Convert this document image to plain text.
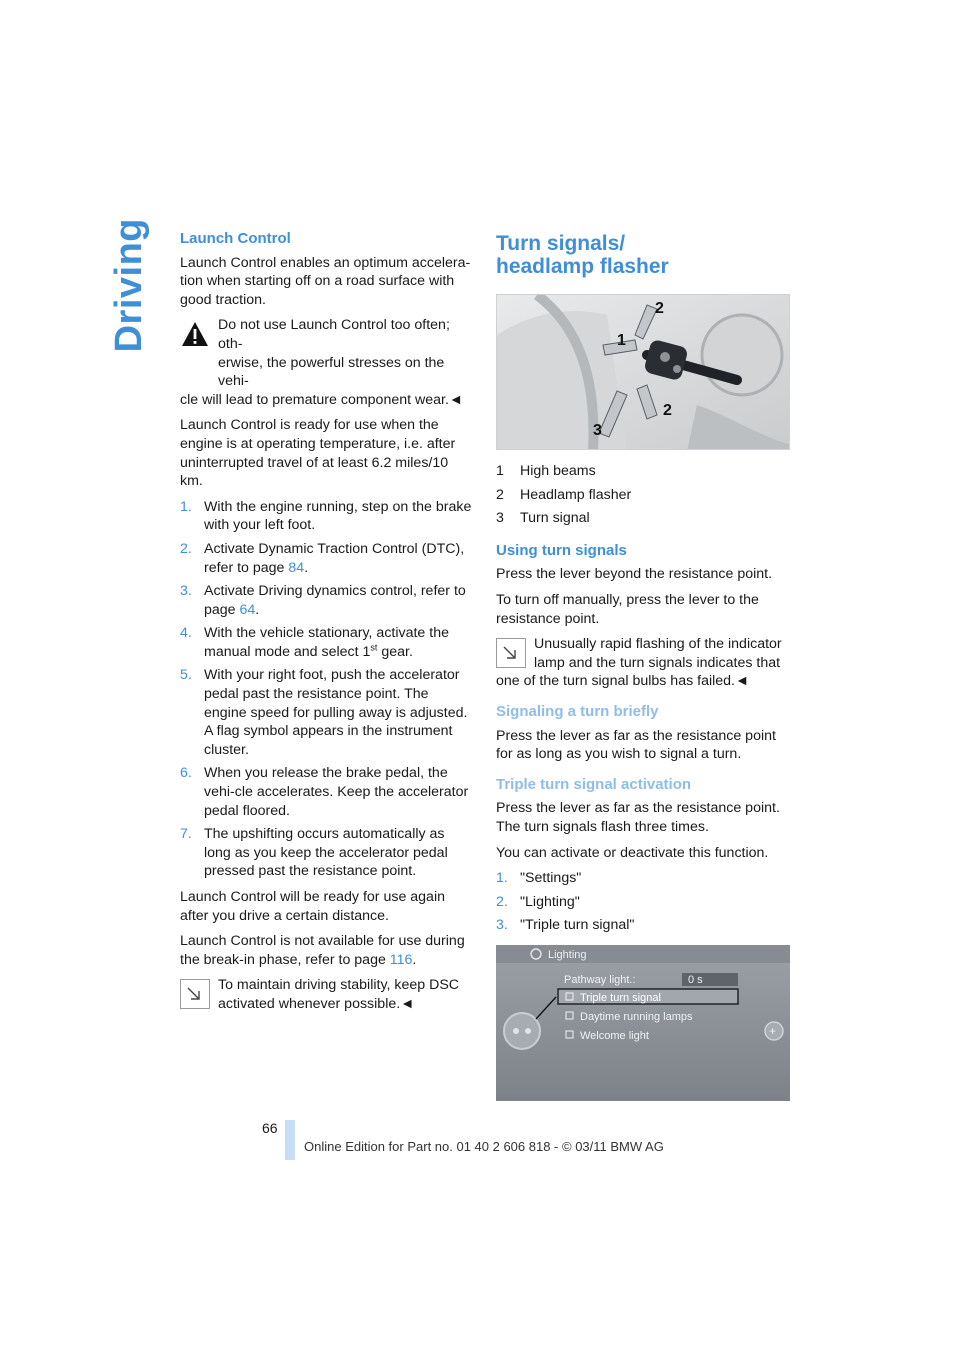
Driving Launch Control

Launch Control enables an optimum accelera-tion when starting off on a road surface with good traction.

Do not use Launch Control too often; oth-
erwise, the powerful stresses on the vehi-
cle will lead to premature component wear.◄

Launch Control is ready for use when the engine is at operating temperature, i.e. after uninterrupted travel of at least 6.2 miles/10 km.

1. With the engine running, step on the brake with your left foot.
2. Activate Dynamic Traction Control (DTC), refer to page 84.
3. Activate Driving dynamics control, refer to page 64.
4. With the vehicle stationary, activate the manual mode and select 1st gear.
5. With your right foot, push the accelerator pedal past the resistance point. The engine speed for pulling away is adjusted. A flag symbol appears in the instrument cluster.
6. When you release the brake pedal, the vehi-cle accelerates. Keep the accelerator pedal floored.
7. The upshifting occurs automatically as long as you keep the accelerator pedal pressed past the resistance point.

Launch Control will be ready for use again after you drive a certain distance.

Launch Control is not available for use during the break-in phase, refer to page 116.

To maintain driving stability, keep DSC activated whenever possible.◄
Turn signals/
headlamp flasher
1
2
2
3
1	High beams
2	Headlamp flasher
3	Turn signal
Using turn signals

Press the lever beyond the resistance point.

To turn off manually, press the lever to the resistance point.

Unusually rapid flashing of the indicator lamp and the turn signals indicates that one of the turn signal bulbs has failed.◄
Signaling a turn briefly

Press the lever as far as the resistance point for as long as you wish to signal a turn.

Triple turn signal activation

Press the lever as far as the resistance point. The turn signals flash three times.

You can activate or deactivate this function.

1. "Settings"
2. "Lighting"
3. "Triple turn signal"
Lighting
+
Pathway light.:	0 s
Triple turn signal
Daytime running lamps
Welcome light
66
Online Edition for Part no. 01 40 2 606 818 - © 03/11 BMW AG
